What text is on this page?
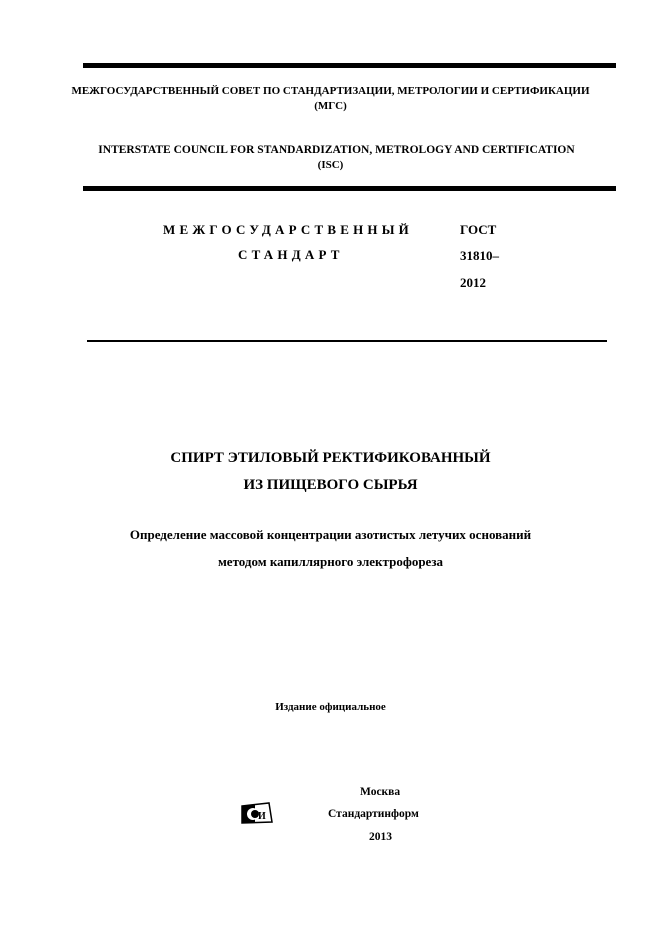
МЕЖГОСУДАРСТВЕННЫЙ СОВЕТ ПО СТАНДАРТИЗАЦИИ, МЕТРОЛОГИИ И СЕРТИФИКАЦИИ
(МГС)
INTERSTATE COUNCIL FOR STANDARDIZATION, METROLOGY AND CERTIFICATION
(ISC)
МЕЖГОСУДАРСТВЕННЫЙ
СТАНДАРТ
ГОСТ
31810–
2012
СПИРТ ЭТИЛОВЫЙ РЕКТИФИКОВАННЫЙ
ИЗ ПИЩЕВОГО СЫРЬЯ
Определение массовой концентрации азотистых летучих оснований
методом капиллярного электрофореза
Издание официальное
Москва
И	Стандартинформ
2013
